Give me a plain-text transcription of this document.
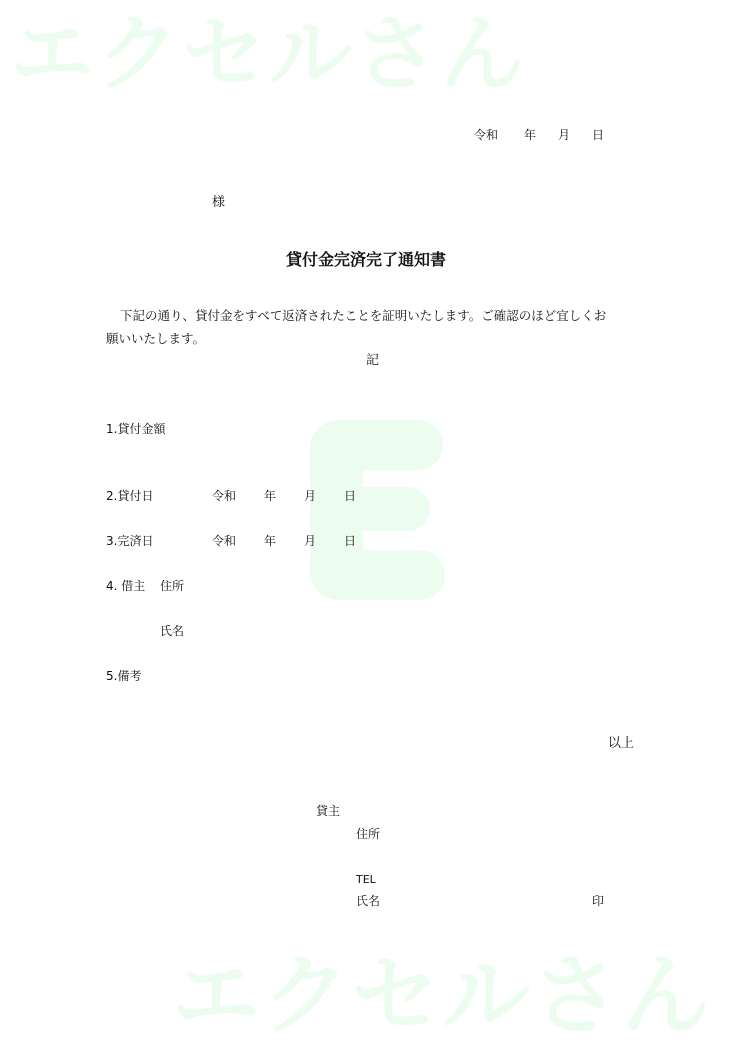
エクセルさん
エクセルさん
令和 年 月 日
様
貸付金完済完了通知書
下記の通り、貸付金をすべて返済されたことを証明いたします。ご確認のほど宜しくお
願いいたします。
記
1.貸付金額
2.貸付日	令和 年 月 日
3.完済日	令和 年 月 日
4. 借主 住所
氏名
5.備考
以上
貸主
住所
TEL
氏名	印
